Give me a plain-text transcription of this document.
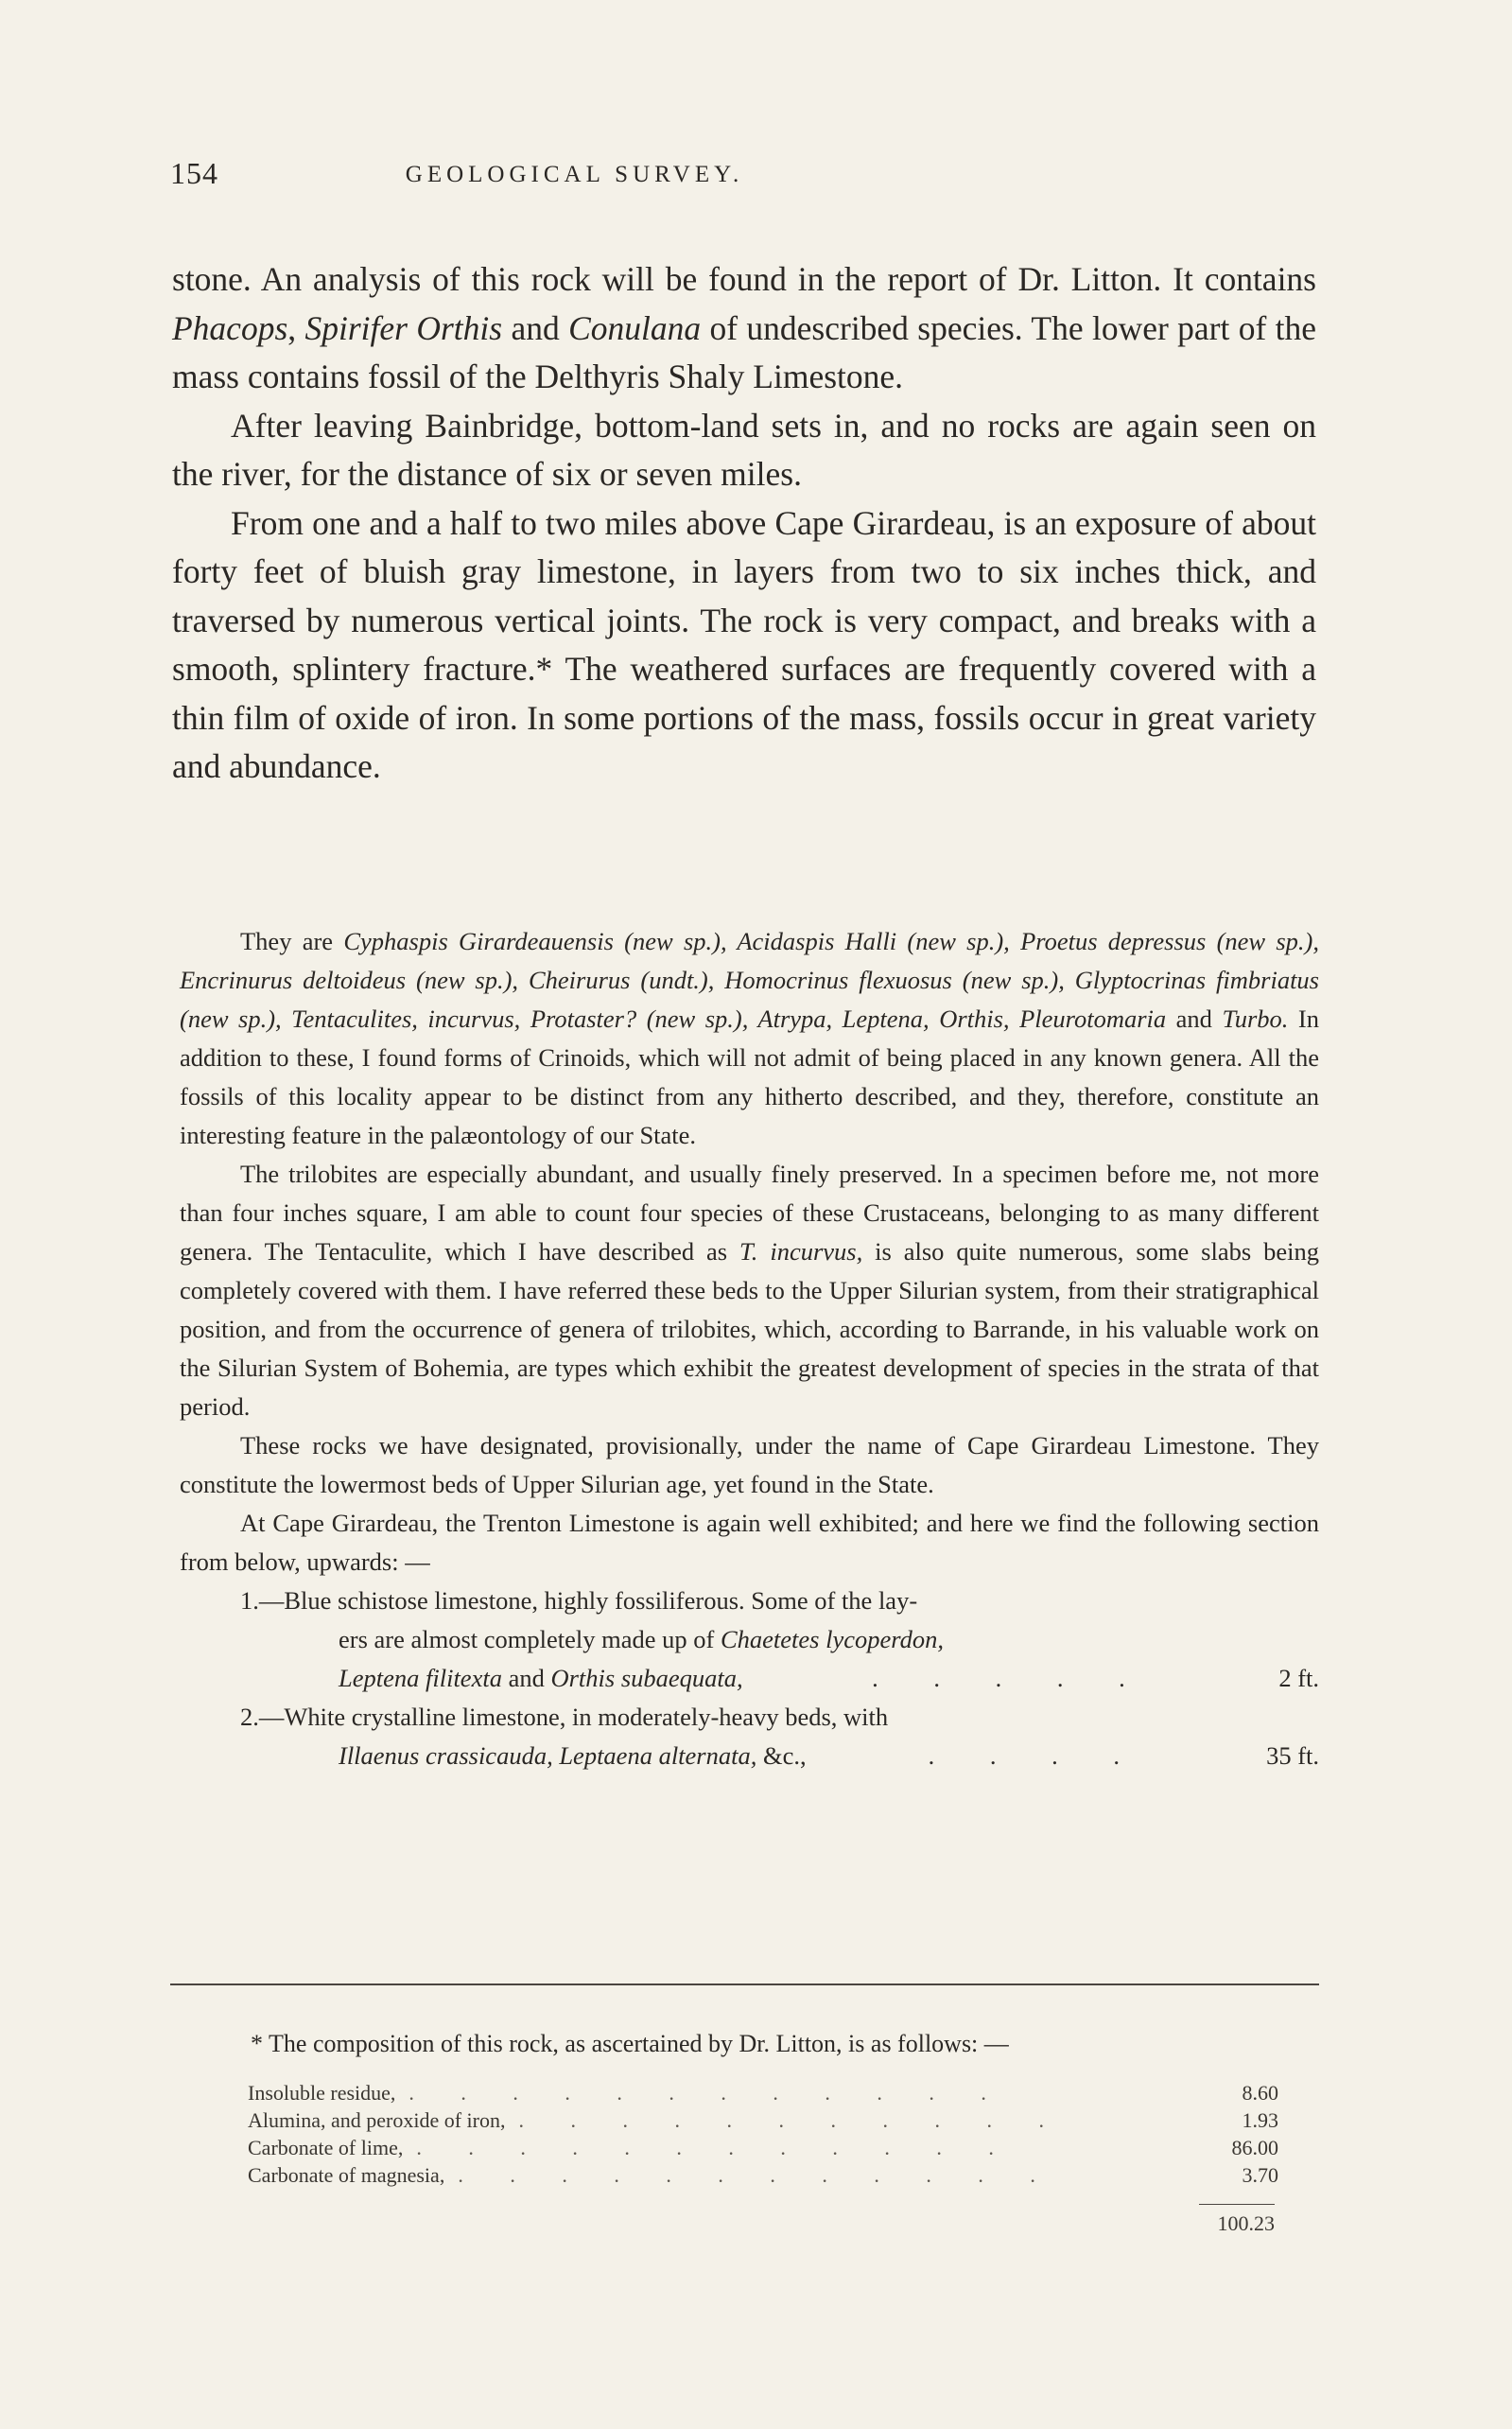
154	GEOLOGICAL SURVEY.

stone. An analysis of this rock will be found in the report of Dr. Litton. It contains Phacops, Spirifer Orthis and Conulana of undescribed species. The lower part of the mass contains fossil of the Delthyris Shaly Limestone.

After leaving Bainbridge, bottom-land sets in, and no rocks are again seen on the river, for the distance of six or seven miles.

From one and a half to two miles above Cape Girardeau, is an exposure of about forty feet of bluish gray limestone, in layers from two to six inches thick, and traversed by numerous vertical joints. The rock is very compact, and breaks with a smooth, splintery fracture.* The weathered surfaces are frequently covered with a thin film of oxide of iron. In some portions of the mass, fossils occur in great variety and abundance.

They are Cyphaspis Girardeauensis (new sp.), Acidaspis Halli (new sp.), Proetus depressus (new sp.), Encrinurus deltoideus (new sp.), Cheirurus (undt.), Homocrinus flexuosus (new sp.), Glyptocrinas fimbriatus (new sp.), Tentaculites, incurvus, Protaster? (new sp.), Atrypa, Leptena, Orthis, Pleurotomaria and Turbo. In addition to these, I found forms of Crinoids, which will not admit of being placed in any known genera. All the fossils of this locality appear to be distinct from any hitherto described, and they, therefore, constitute an interesting feature in the palæontology of our State.

The trilobites are especially abundant, and usually finely preserved. In a specimen before me, not more than four inches square, I am able to count four species of these Crustaceans, belonging to as many different genera. The Tentaculite, which I have described as T. incurvus, is also quite numerous, some slabs being completely covered with them. I have referred these beds to the Upper Silurian system, from their stratigraphical position, and from the occurrence of genera of trilobites, which, according to Barrande, in his valuable work on the Silurian System of Bohemia, are types which exhibit the greatest development of species in the strata of that period.

These rocks we have designated, provisionally, under the name of Cape Girardeau Limestone. They constitute the lowermost beds of Upper Silurian age, yet found in the State.

At Cape Girardeau, the Trenton Limestone is again well exhibited; and here we find the following section from below, upwards: —

1.—Blue schistose limestone, highly fossiliferous. Some of the lay-
ers are almost completely made up of Chaetetes lycoperdon,
Leptena filitexta and Orthis subaequata,	. . . . .	2 ft.
2.—White crystalline limestone, in moderately-heavy beds, with
Illaenus crassicauda, Leptaena alternata, &c.,	. . . .	35 ft.
* The composition of this rock, as ascertained by Dr. Litton, is as follows: —
Insoluble residue, . . . . . . . . . . . .	8.60
Alumina, and peroxide of iron, . . . . . . . . . . .	1.93
Carbonate of lime, . . . . . . . . . . . .	86.00
Carbonate of magnesia, . . . . . . . . . . . .	3.70
100.23
